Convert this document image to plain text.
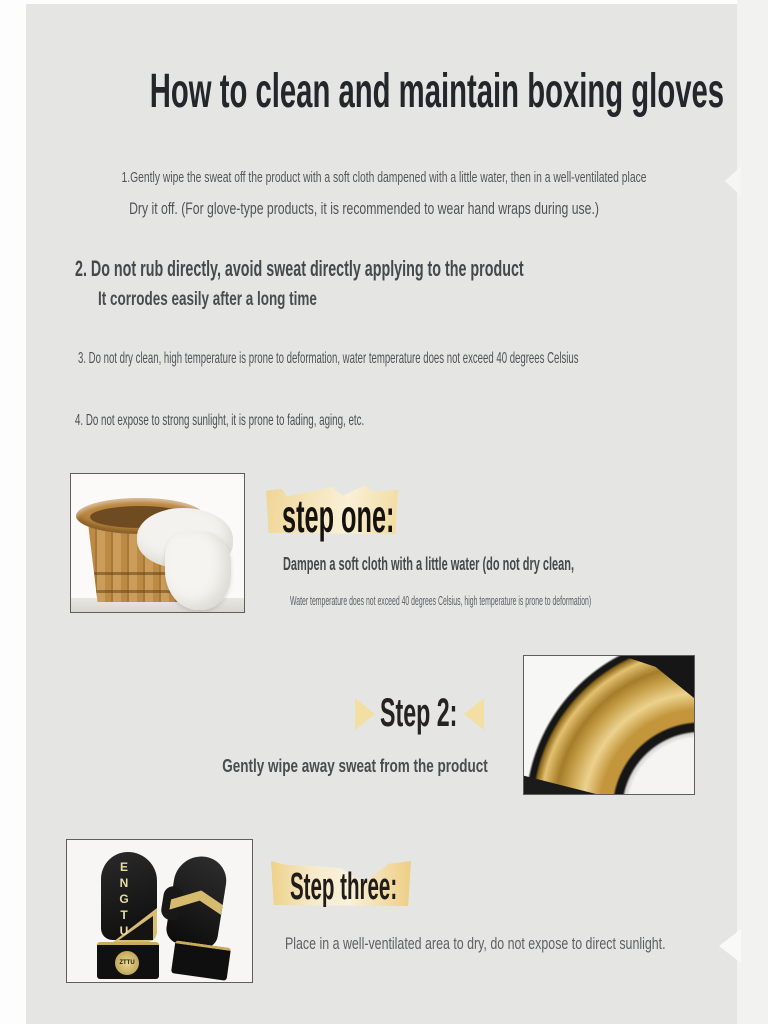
How to clean and maintain boxing gloves
1.Gently wipe the sweat off the product with a soft cloth dampened with a little water, then in a well-ventilated place
Dry it off. (For glove-type products, it is recommended to wear hand wraps during use.)
2. Do not rub directly, avoid sweat directly applying to the product
It corrodes easily after a long time
3. Do not dry clean, high temperature is prone to deformation, water temperature does not exceed 40 degrees Celsius
4. Do not expose to strong sunlight, it is prone to fading, aging, etc.
step one:
Dampen a soft cloth with a little water (do not dry clean,
Water temperature does not exceed 40 degrees Celsius, high temperature is prone to deformation)
Step 2:
Gently wipe away sweat from the product
ENGTU
ZTTU
Step three:
Place in a well-ventilated area to dry, do not expose to direct sunlight.
